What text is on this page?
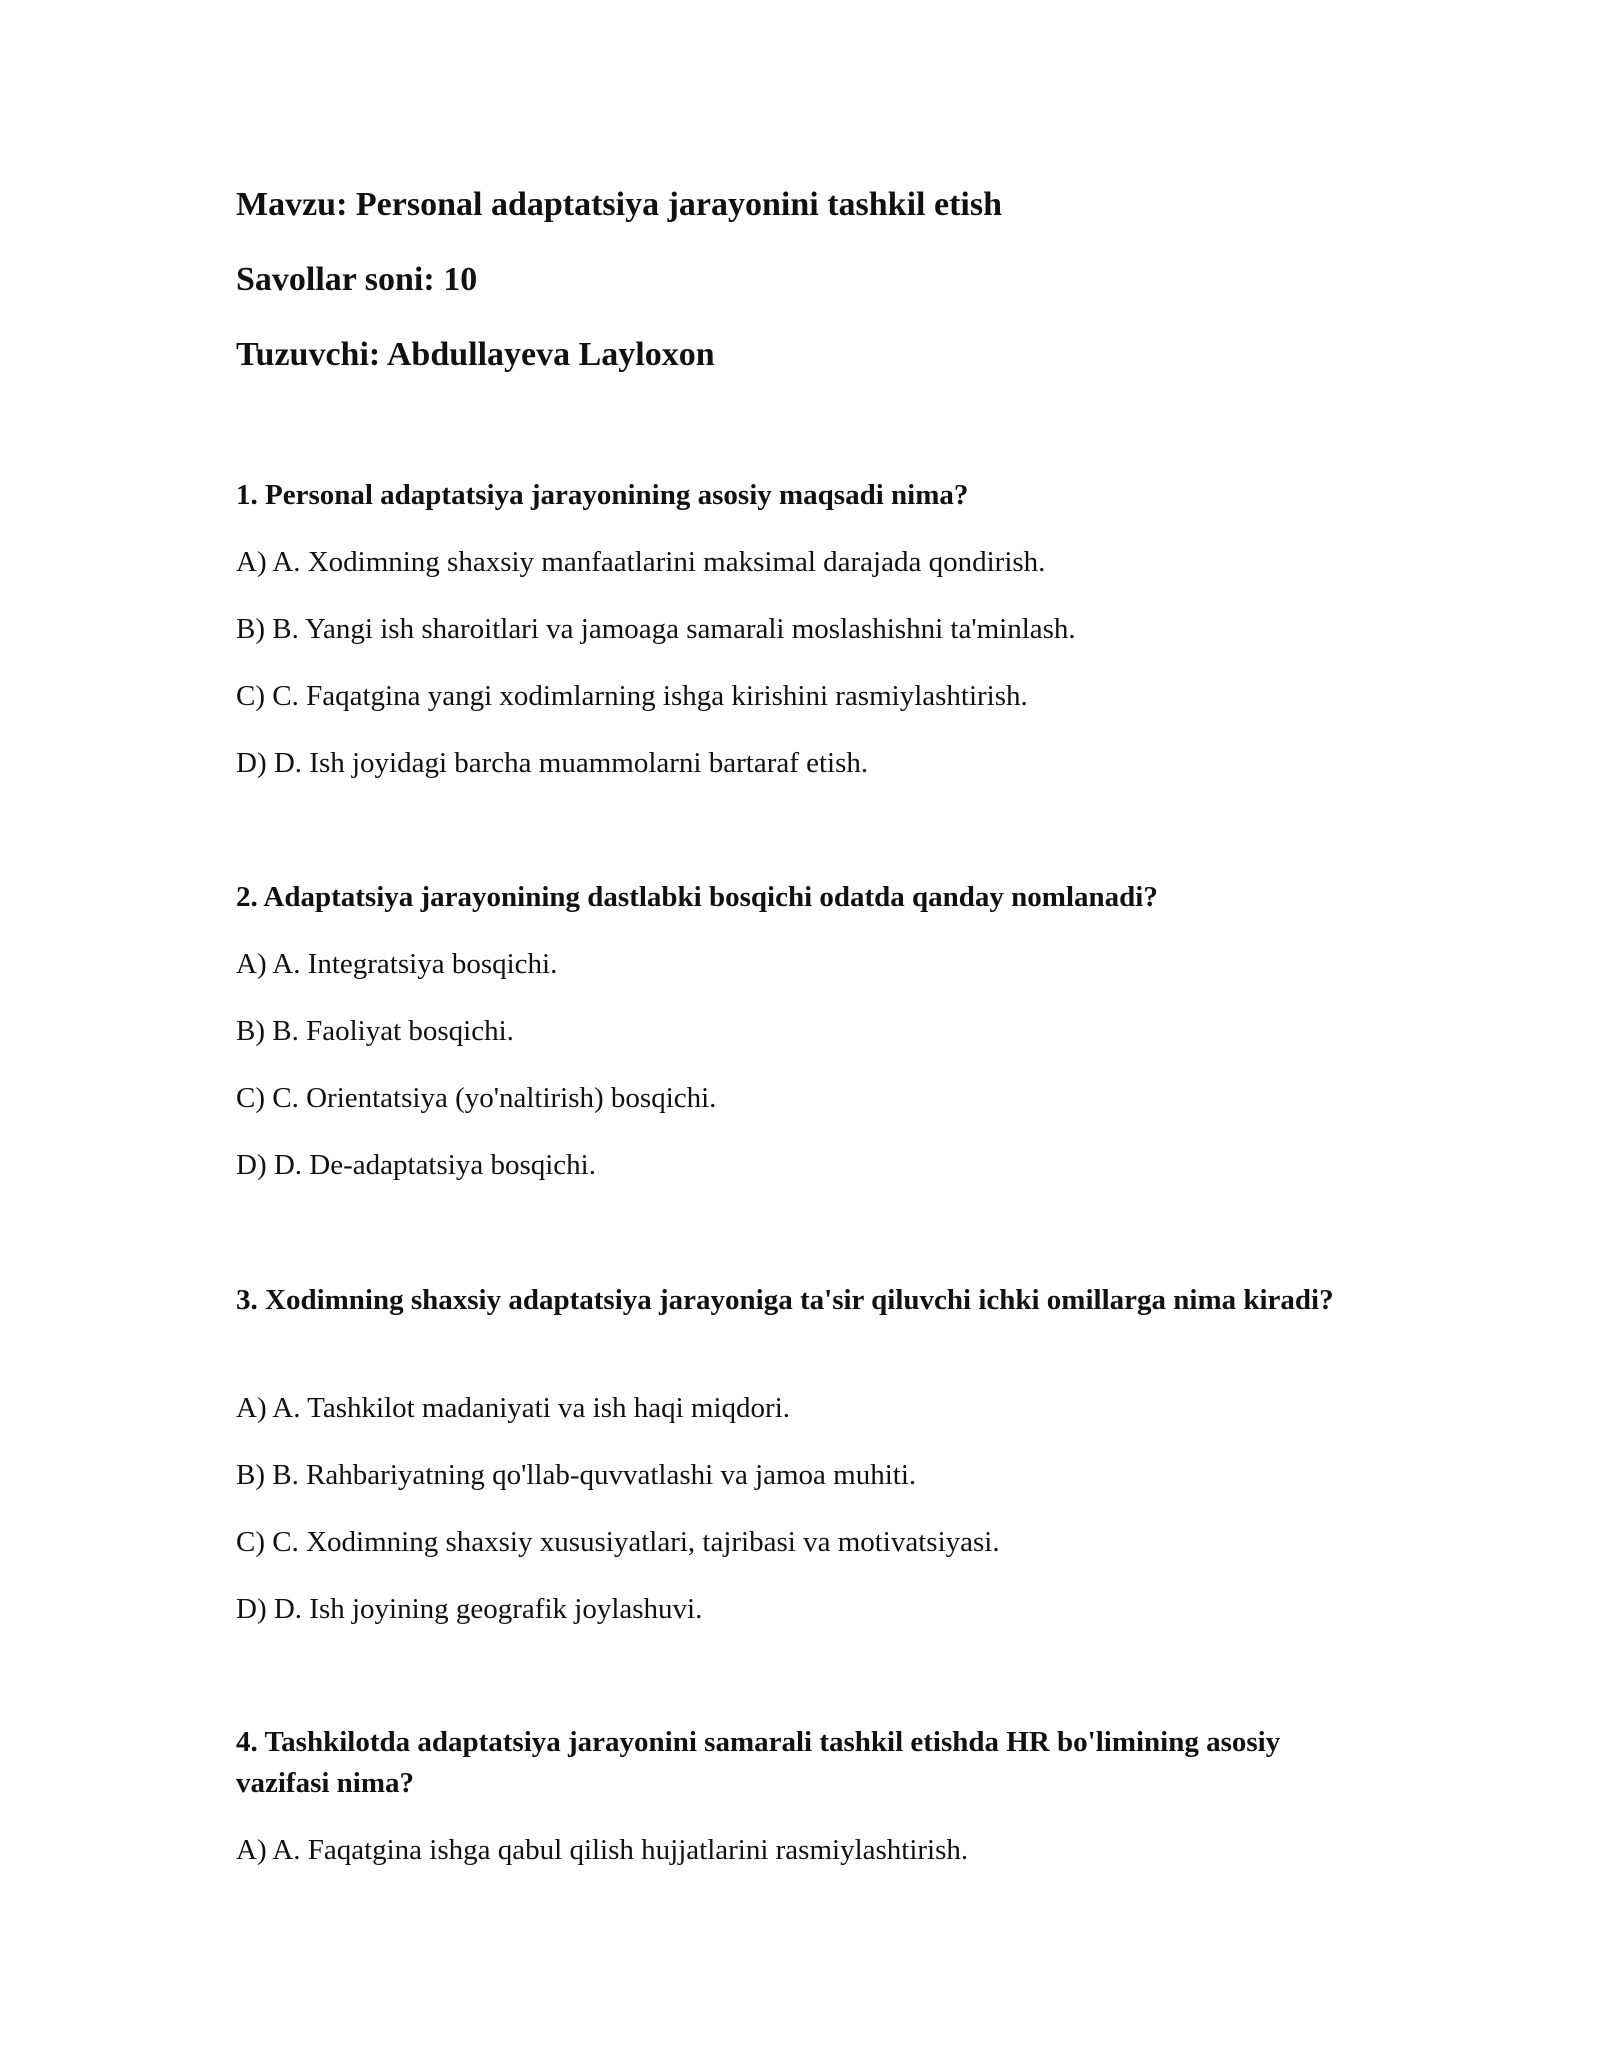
Mavzu: Personal adaptatsiya jarayonini tashkil etish
Savollar soni: 10
Tuzuvchi: Abdullayeva Layloxon
1. Personal adaptatsiya jarayonining asosiy maqsadi nima?
A) A. Xodimning shaxsiy manfaatlarini maksimal darajada qondirish.
B) B. Yangi ish sharoitlari va jamoaga samarali moslashishni ta'minlash.
C) C. Faqatgina yangi xodimlarning ishga kirishini rasmiylashtirish.
D) D. Ish joyidagi barcha muammolarni bartaraf etish.
2. Adaptatsiya jarayonining dastlabki bosqichi odatda qanday nomlanadi?
A) A. Integratsiya bosqichi.
B) B. Faoliyat bosqichi.
C) C. Orientatsiya (yo'naltirish) bosqichi.
D) D. De-adaptatsiya bosqichi.
3. Xodimning shaxsiy adaptatsiya jarayoniga ta'sir qiluvchi ichki omillarga nima kiradi?
A) A. Tashkilot madaniyati va ish haqi miqdori.
B) B. Rahbariyatning qo'llab-quvvatlashi va jamoa muhiti.
C) C. Xodimning shaxsiy xususiyatlari, tajribasi va motivatsiyasi.
D) D. Ish joyining geografik joylashuvi.
4. Tashkilotda adaptatsiya jarayonini samarali tashkil etishda HR bo'limining asosiy vazifasi nima?
A) A. Faqatgina ishga qabul qilish hujjatlarini rasmiylashtirish.
